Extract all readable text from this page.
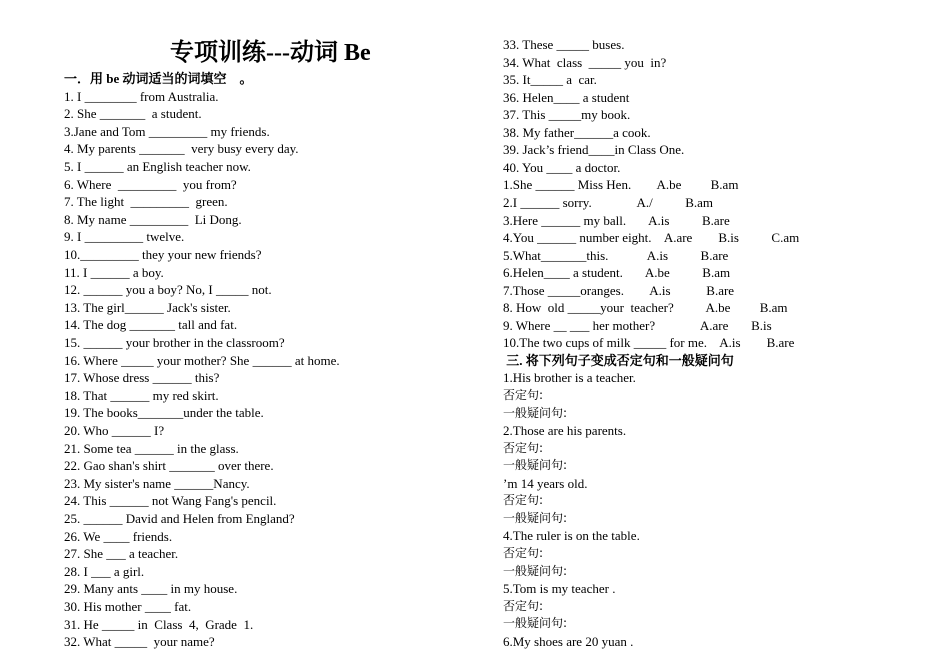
专项训练---动词 Be
一．用 be 动词适当的词填空　。
1. I ________ from Australia.
2. She _______  a student.
3.Jane and Tom _________ my friends.
4. My parents _______  very busy every day.
5. I ______ an English teacher now.
6. Where  _________  you from?
7. The light  _________  green.
8. My name _________  Li Dong.
9. I _________ twelve.
10._________ they your new friends?
11. I ______ a boy.
12. ______ you a boy? No, I _____ not.
13. The girl______ Jack's sister.
14. The dog _______ tall and fat.
15. ______ your brother in the classroom?
16. Where _____ your mother? She ______ at home.
17. Whose dress ______ this?
18. That ______ my red skirt.
19. The books_______under the table.
20. Who ______ I?
21. Some tea ______ in the glass.
22. Gao shan's shirt _______ over there.
23. My sister's name ______Nancy.
24. This ______ not Wang Fang's pencil.
25. ______ David and Helen from England?
26. We ____ friends.
27. She ___ a teacher.
28. I ___ a girl.
29. Many ants ____ in my house.
30. His mother ____ fat.
31. He _____ in  Class  4,  Grade  1.
32. What _____  your name?
33. These _____ buses.
34. What  class  _____ you  in?
35. It_____ a  car.
36. Helen____ a student
37. This _____my book.
38. My father______a cook.
39. Jack’s friend____in Class One.
40. You ____ a doctor.
1.She ______ Miss Hen.        A.be         B.am
2.I ______ sorry.              A./          B.am
3.Here ______ my ball.       A.is          B.are
4.You ______ number eight.    A.are        B.is          C.am
5.What_______this.            A.is          B.are
6.Helen____ a student.       A.be          B.am
7.Those _____oranges.        A.is           B.are
8. How  old _____your  teacher?          A.be         B.am
9. Where __ ___ her mother?              A.are       B.is
10.The two cups of milk _____ for me.    A.is        B.are
三. 将下列句子变成否定句和一般疑问句
1.His brother is a teacher.
否定句:
一般疑问句:
2.Those are his parents.
否定句:
一般疑问句:
’m 14 years old.
否定句:
一般疑问句:
4.The ruler is on the table.
否定句:
一般疑问句:
5.Tom is my teacher .
否定句:
一般疑问句:
6.My shoes are 20 yuan .
